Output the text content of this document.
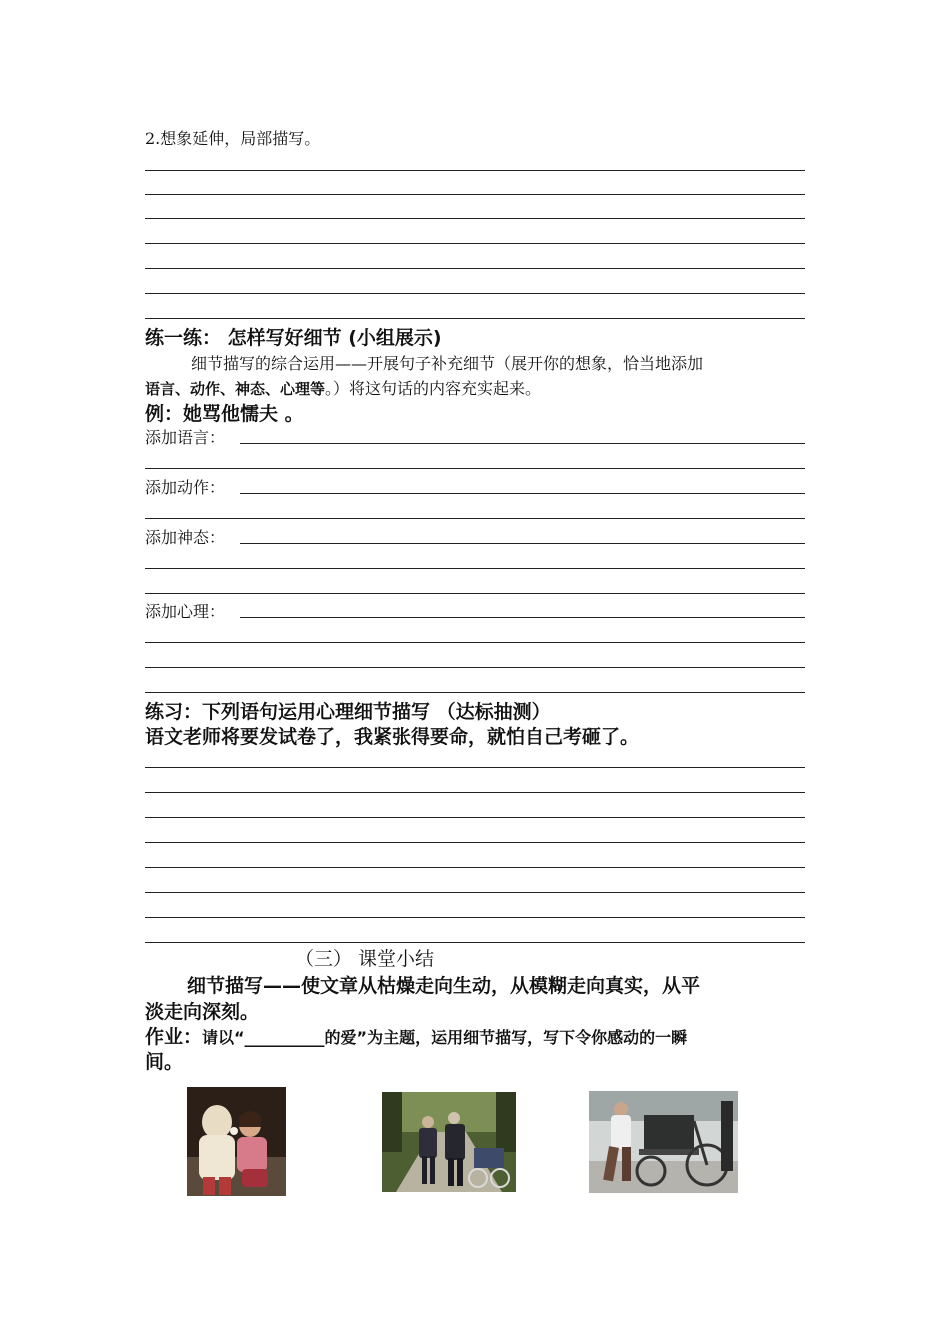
2.想象延伸，局部描写。
练一练： 怎样写好细节 (小组展示)
细节描写的综合运用——开展句子补充细节（展开你的想象，恰当地添加
语言、动作、神态、心理等。）将这句话的内容充实起来。
例：她骂他懦夫 。
添加语言：
添加动作：
添加神态：
添加心理：
练习：下列语句运用心理细节描写 （达标抽测）
语文老师将要发试卷了，我紧张得要命，就怕自己考砸了。
（三） 课堂小结
细节描写——使文章从枯燥走向生动，从模糊走向真实，从平
淡走向深刻。
作业：请以“__________的爱”为主题，运用细节描写，写下令你感动的一瞬
间。
